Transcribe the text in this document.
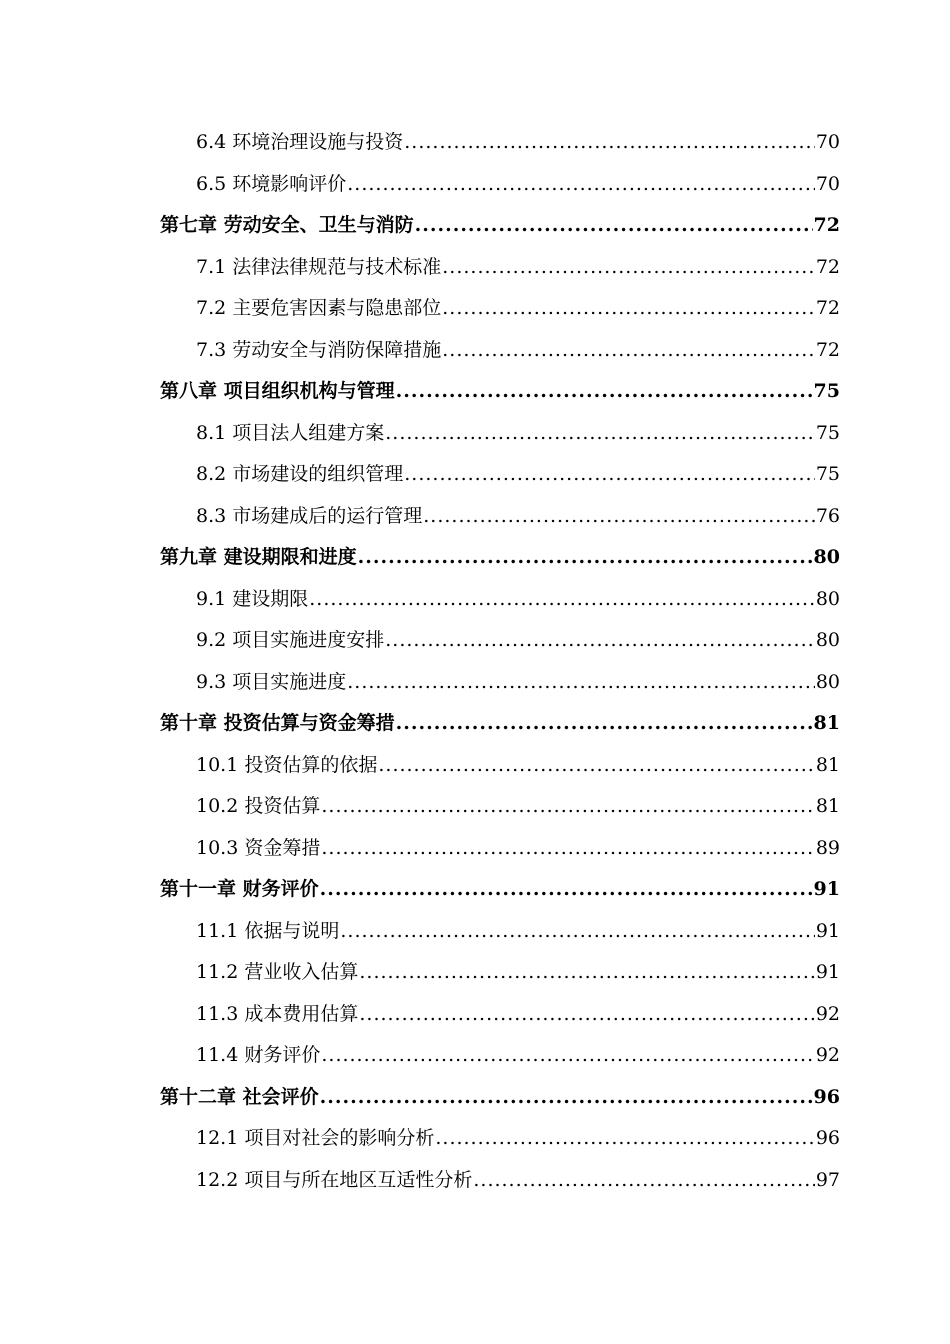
6.4 环境治理设施与投资 .....	70
6.5 环境影响评价 .....	70
第七章 劳动安全、卫生与消防 .....	72
7.1 法律法律规范与技术标准 .....	72
7.2 主要危害因素与隐患部位 .....	72
7.3 劳动安全与消防保障措施 .....	72
第八章 项目组织机构与管理 .....	75
8.1 项目法人组建方案 .....	75
8.2 市场建设的组织管理 .....	75
8.3 市场建成后的运行管理 .....	76
第九章 建设期限和进度 .....	80
9.1 建设期限 .....	80
9.2 项目实施进度安排 .....	80
9.3 项目实施进度 .....	80
第十章 投资估算与资金筹措 .....	81
10.1 投资估算的依据 .....	81
10.2 投资估算 .....	81
10.3 资金筹措 .....	89
第十一章 财务评价 .....	91
11.1 依据与说明 .....	91
11.2 营业收入估算 .....	91
11.3 成本费用估算 .....	92
11.4 财务评价 .....	92
第十二章 社会评价 .....	96
12.1 项目对社会的影响分析 .....	96
12.2 项目与所在地区互适性分析 .....	97
